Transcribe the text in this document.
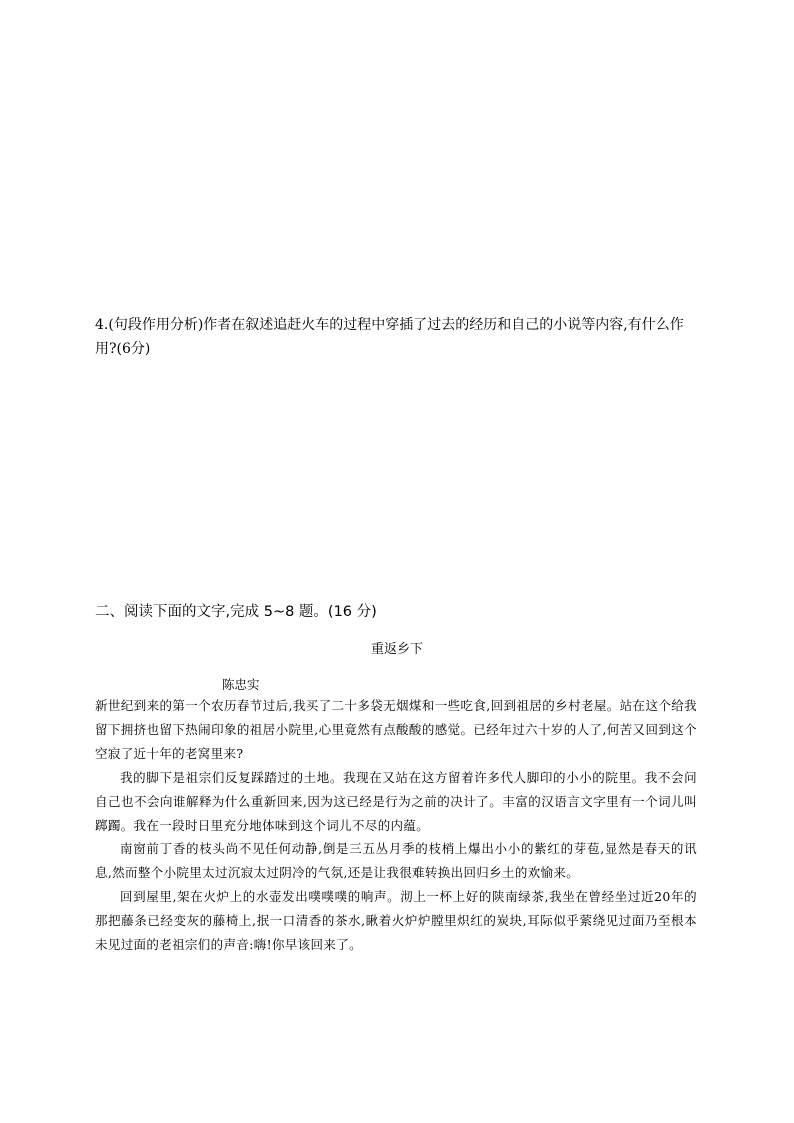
4.(句段作用分析)作者在叙述追赶火车的过程中穿插了过去的经历和自己的小说等内容,有什么作用?(6分)
二、阅读下面的文字,完成 5~8 题。(16 分)
重返乡下
陈忠实

新世纪到来的第一个农历春节过后,我买了二十多袋无烟煤和一些吃食,回到祖居的乡村老屋。站在这个给我留下拥挤也留下热闹印象的祖居小院里,心里竟然有点酸酸的感觉。已经年过六十岁的人了,何苦又回到这个空寂了近十年的老窝里来?

我的脚下是祖宗们反复踩踏过的土地。我现在又站在这方留着许多代人脚印的小小的院里。我不会问自己也不会向谁解释为什么重新回来,因为这已经是行为之前的决计了。丰富的汉语言文字里有一个词儿叫踯躅。我在一段时日里充分地体味到这个词儿不尽的内蕴。

南窗前丁香的枝头尚不见任何动静,倒是三五丛月季的枝梢上爆出小小的紫红的芽苞,显然是春天的讯息,然而整个小院里太过沉寂太过阴冷的气氛,还是让我很难转换出回归乡土的欢愉来。

回到屋里,架在火炉上的水壶发出噗噗噗的响声。沏上一杯上好的陕南绿茶,我坐在曾经坐过近20年的那把藤条已经变灰的藤椅上,抿一口清香的茶水,瞅着火炉炉膛里炽红的炭块,耳际似乎萦绕见过面乃至根本未见过面的老祖宗们的声音:嗨!你早该回来了。
